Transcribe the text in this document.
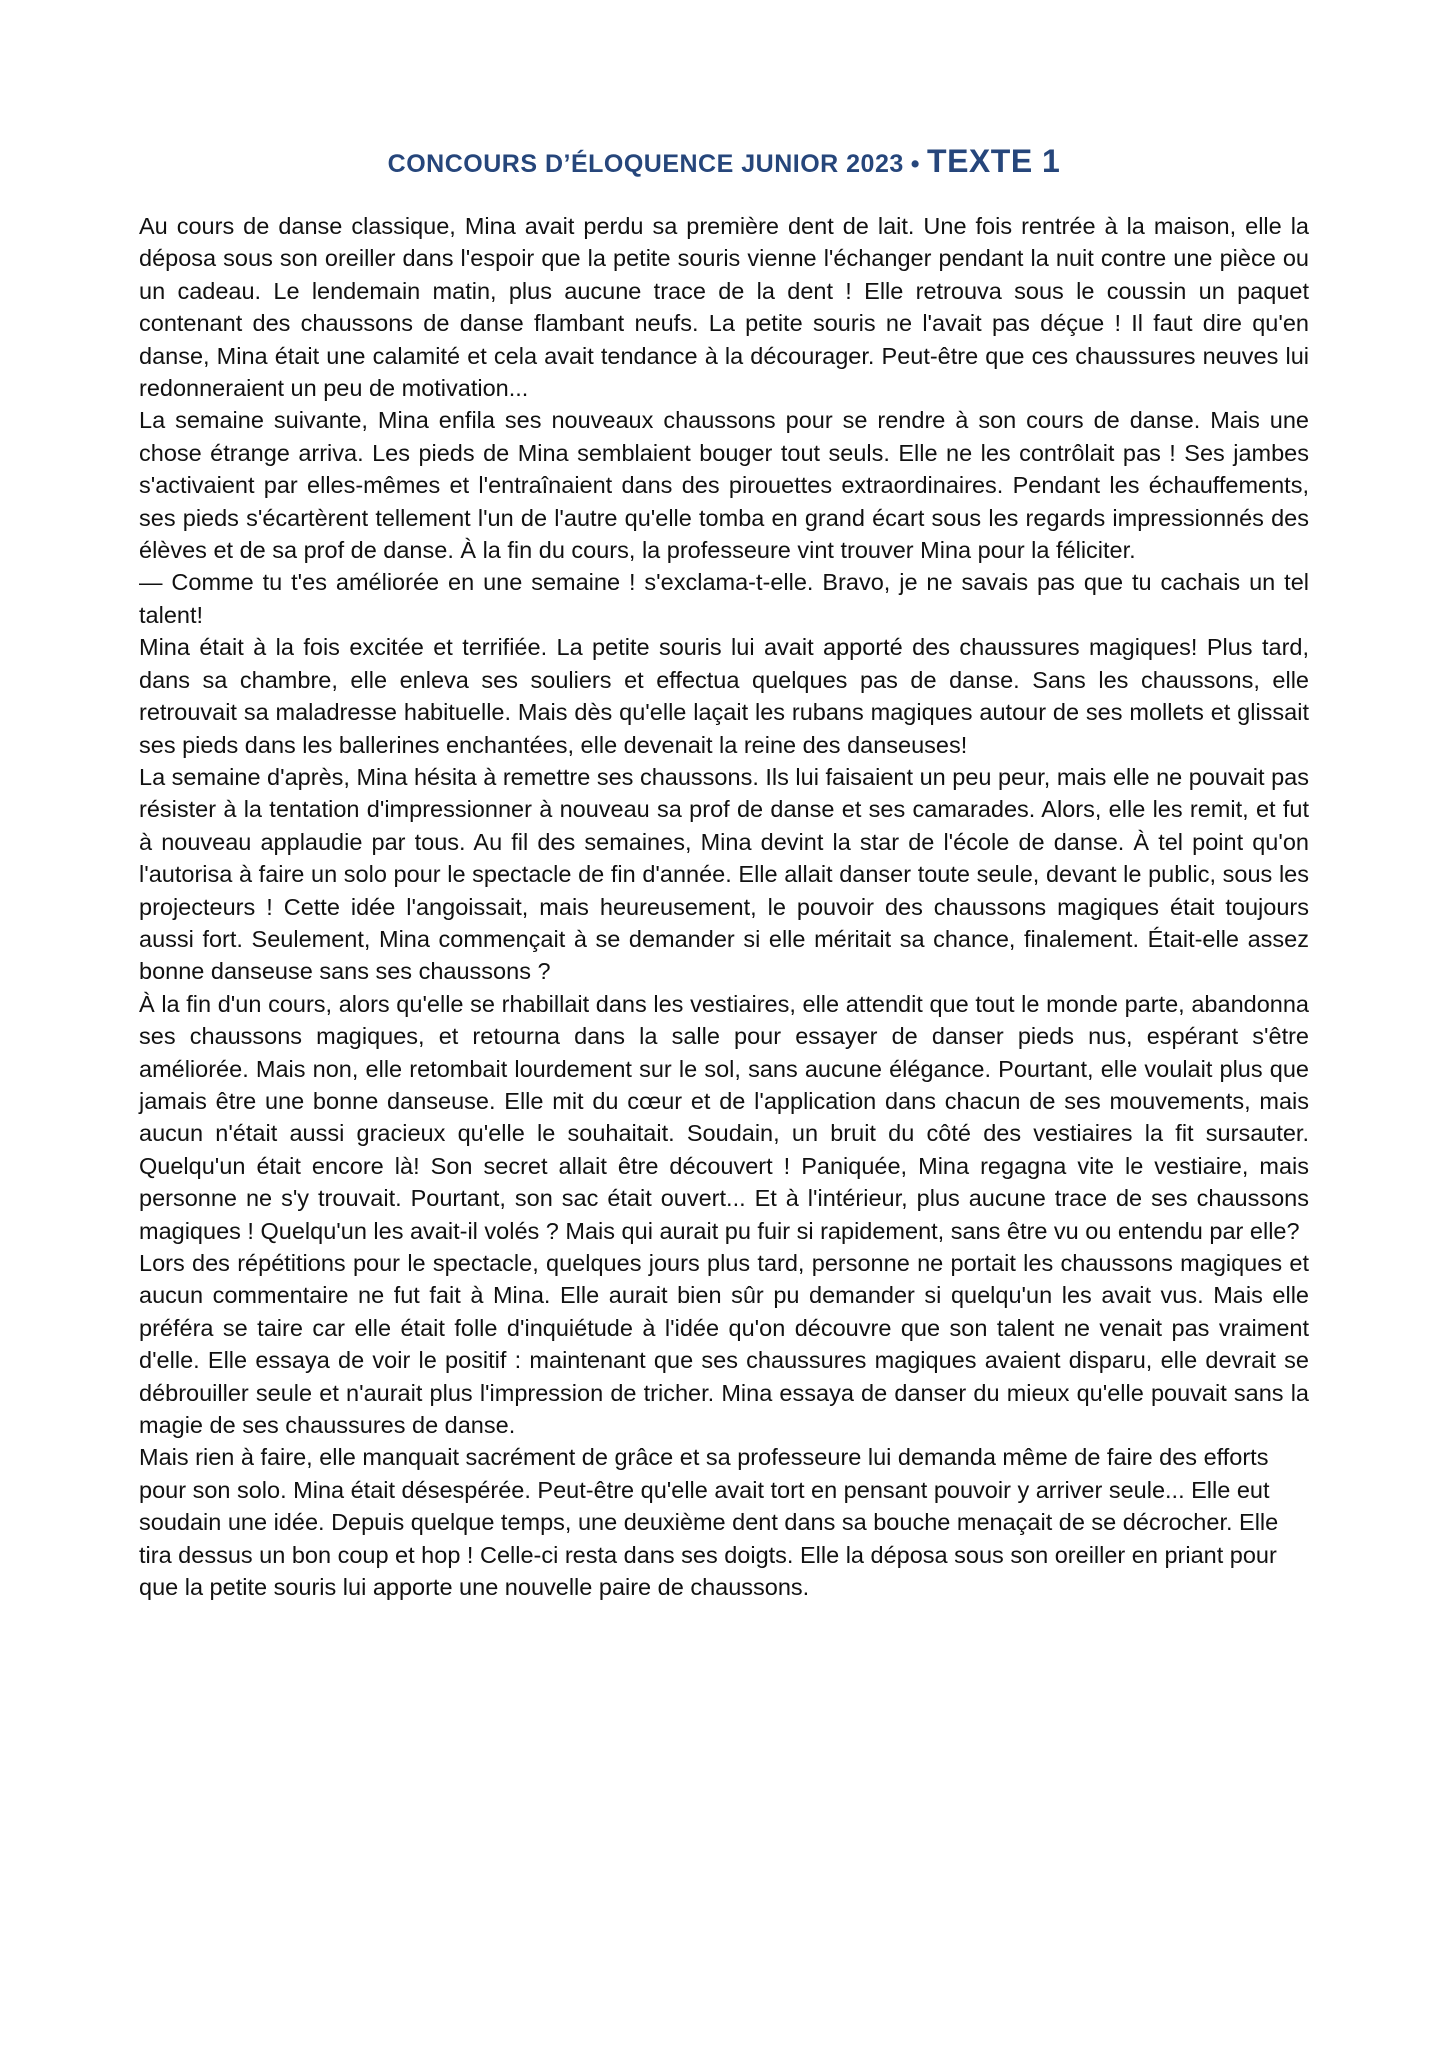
CONCOURS D’ÉLOQUENCE JUNIOR 2023 • TEXTE 1

Au cours de danse classique, Mina avait perdu sa première dent de lait. Une fois rentrée à la maison, elle la déposa sous son oreiller dans l'espoir que la petite souris vienne l'échanger pendant la nuit contre une pièce ou un cadeau. Le lendemain matin, plus aucune trace de la dent ! Elle retrouva sous le coussin un paquet contenant des chaussons de danse flambant neufs. La petite souris ne l'avait pas déçue ! Il faut dire qu'en danse, Mina était une calamité et cela avait tendance à la décourager. Peut-être que ces chaussures neuves lui redonneraient un peu de motivation...

La semaine suivante, Mina enfila ses nouveaux chaussons pour se rendre à son cours de danse. Mais une chose étrange arriva. Les pieds de Mina semblaient bouger tout seuls. Elle ne les contrôlait pas ! Ses jambes s'activaient par elles-mêmes et l'entraînaient dans des pirouettes extraordinaires. Pendant les échauffements, ses pieds s'écartèrent tellement l'un de l'autre qu'elle tomba en grand écart sous les regards impressionnés des élèves et de sa prof de danse. À la fin du cours, la professeure vint trouver Mina pour la féliciter.

— Comme tu t'es améliorée en une semaine ! s'exclama-t-elle. Bravo, je ne savais pas que tu cachais un tel talent!

Mina était à la fois excitée et terrifiée. La petite souris lui avait apporté des chaussures magiques! Plus tard, dans sa chambre, elle enleva ses souliers et effectua quelques pas de danse. Sans les chaussons, elle retrouvait sa maladresse habituelle. Mais dès qu'elle laçait les rubans magiques autour de ses mollets et glissait ses pieds dans les ballerines enchantées, elle devenait la reine des danseuses!

La semaine d'après, Mina hésita à remettre ses chaussons. Ils lui faisaient un peu peur, mais elle ne pouvait pas résister à la tentation d'impressionner à nouveau sa prof de danse et ses camarades. Alors, elle les remit, et fut à nouveau applaudie par tous. Au fil des semaines, Mina devint la star de l'école de danse. À tel point qu'on l'autorisa à faire un solo pour le spectacle de fin d'année. Elle allait danser toute seule, devant le public, sous les projecteurs ! Cette idée l'angoissait, mais heureusement, le pouvoir des chaussons magiques était toujours aussi fort. Seulement, Mina commençait à se demander si elle méritait sa chance, finalement. Était-elle assez bonne danseuse sans ses chaussons ?

À la fin d'un cours, alors qu'elle se rhabillait dans les vestiaires, elle attendit que tout le monde parte, abandonna ses chaussons magiques, et retourna dans la salle pour essayer de danser pieds nus, espérant s'être améliorée. Mais non, elle retombait lourdement sur le sol, sans aucune élégance. Pourtant, elle voulait plus que jamais être une bonne danseuse. Elle mit du cœur et de l'application dans chacun de ses mouvements, mais aucun n'était aussi gracieux qu'elle le souhaitait. Soudain, un bruit du côté des vestiaires la fit sursauter. Quelqu'un était encore là! Son secret allait être découvert ! Paniquée, Mina regagna vite le vestiaire, mais personne ne s'y trouvait. Pourtant, son sac était ouvert... Et à l'intérieur, plus aucune trace de ses chaussons magiques ! Quelqu'un les avait-il volés ? Mais qui aurait pu fuir si rapidement, sans être vu ou entendu par elle?

Lors des répétitions pour le spectacle, quelques jours plus tard, personne ne portait les chaussons magiques et aucun commentaire ne fut fait à Mina. Elle aurait bien sûr pu demander si quelqu'un les avait vus. Mais elle préféra se taire car elle était folle d'inquiétude à l'idée qu'on découvre que son talent ne venait pas vraiment d'elle. Elle essaya de voir le positif : maintenant que ses chaussures magiques avaient disparu, elle devrait se débrouiller seule et n'aurait plus l'impression de tricher. Mina essaya de danser du mieux qu'elle pouvait sans la magie de ses chaussures de danse.

Mais rien à faire, elle manquait sacrément de grâce et sa professeure lui demanda même de faire des efforts pour son solo. Mina était désespérée. Peut-être qu'elle avait tort en pensant pouvoir y arriver seule... Elle eut soudain une idée. Depuis quelque temps, une deuxième dent dans sa bouche menaçait de se décrocher. Elle tira dessus un bon coup et hop ! Celle-ci resta dans ses doigts. Elle la déposa sous son oreiller en priant pour que la petite souris lui apporte une nouvelle paire de chaussons.
